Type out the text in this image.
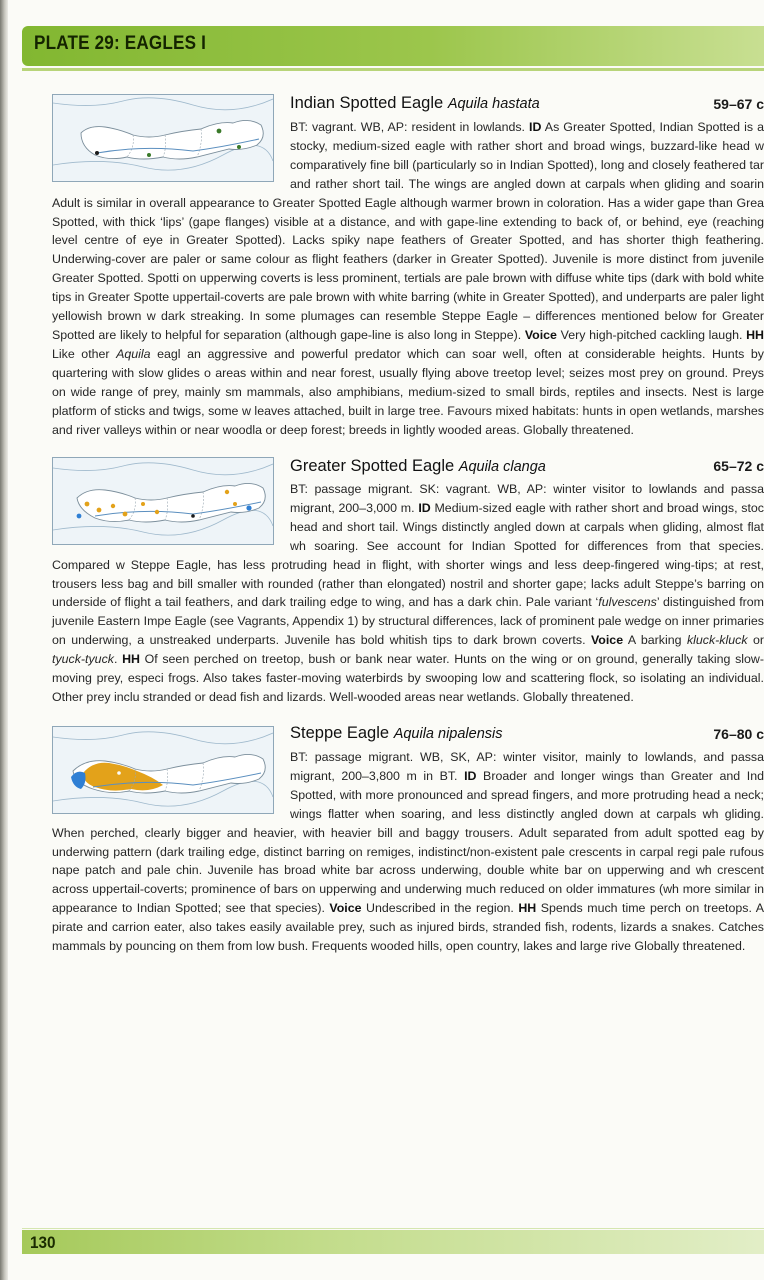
PLATE 29: EAGLES I
Indian Spotted Eagle Aquila hastata	59–67 c
BT: vagrant. WB, AP: resident in lowlands. ID As Greater Spotted, Indian Spotted is a stocky, medium-sized eagle with rather short and broad wings, buzzard-like head w comparatively fine bill (particularly so in Indian Spotted), long and closely feathered tar and rather short tail. The wings are angled down at carpals when gliding and soarin Adult is similar in overall appearance to Greater Spotted Eagle although warmer brown in coloration. Has a wider gape than Grea Spotted, with thick ‘lips’ (gape flanges) visible at a distance, and with gape-line extending to back of, or behind, eye (reaching level centre of eye in Greater Spotted). Lacks spiky nape feathers of Greater Spotted, and has shorter thigh feathering. Underwing-cover are paler or same colour as flight feathers (darker in Greater Spotted). Juvenile is more distinct from juvenile Greater Spotted. Spotti on upperwing coverts is less prominent, tertials are pale brown with diffuse white tips (dark with bold white tips in Greater Spotte uppertail-coverts are pale brown with white barring (white in Greater Spotted), and underparts are paler light yellowish brown w dark streaking. In some plumages can resemble Steppe Eagle – differences mentioned below for Greater Spotted are likely to helpful for separation (although gape-line is also long in Steppe). Voice Very high-pitched cackling laugh. HH Like other Aquila eagl an aggressive and powerful predator which can soar well, often at considerable heights. Hunts by quartering with slow glides o areas within and near forest, usually flying above treetop level; seizes most prey on ground. Preys on wide range of prey, mainly sm mammals, also amphibians, medium-sized to small birds, reptiles and insects. Nest is large platform of sticks and twigs, some w leaves attached, built in large tree. Favours mixed habitats: hunts in open wetlands, marshes and river valleys within or near woodla or deep forest; breeds in lightly wooded areas. Globally threatened.
65–72 c
BT: passage migrant. SK: vagrant. WB, AP: winter visitor to lowlands and passa migrant, 200–3,000 m. ID Medium-sized eagle with rather short and broad wings, stoc head and short tail. Wings distinctly angled down at carpals when gliding, almost flat wh soaring. See account for Indian Spotted for differences from that species. Compared w Steppe Eagle, has less protruding head in flight, with shorter wings and less deep-fingered wing-tips; at rest, trousers less bag and bill smaller with rounded (rather than elongated) nostril and shorter gape; lacks adult Steppe’s barring on underside of flight a tail feathers, and dark trailing edge to wing, and has a dark chin. Pale variant ‘fulvescens’ distinguished from juvenile Eastern Impe Eagle (see Vagrants, Appendix 1) by structural differences, lack of prominent pale wedge on inner primaries on underwing, a unstreaked underparts. Juvenile has bold whitish tips to dark brown coverts. Voice A barking kluck-kluck or tyuck-tyuck. HH Of seen perched on treetop, bush or bank near water. Hunts on the wing or on ground, generally taking slow-moving prey, especi frogs. Also takes faster-moving waterbirds by swooping low and scattering flock, so isolating an individual. Other prey inclu stranded or dead fish and lizards. Well-wooded areas near wetlands. Globally threatened.
76–80 c
BT: passage migrant. WB, SK, AP: winter visitor, mainly to lowlands, and passa migrant, 200–3,800 m in BT. ID Broader and longer wings than Greater and Ind Spotted, with more pronounced and spread fingers, and more protruding head a neck; wings flatter when soaring, and less distinctly angled down at carpals wh gliding. When perched, clearly bigger and heavier, with heavier bill and baggy trousers. Adult separated from adult spotted eag by underwing pattern (dark trailing edge, distinct barring on remiges, indistinct/non-existent pale crescents in carpal regi pale rufous nape patch and pale chin. Juvenile has broad white bar across underwing, double white bar on upperwing and wh crescent across uppertail-coverts; prominence of bars on upperwing and underwing much reduced on older immatures (wh more similar in appearance to Indian Spotted; see that species). Voice Undescribed in the region. HH Spends much time perch on treetops. A pirate and carrion eater, also takes easily available prey, such as injured birds, stranded fish, rodents, lizards a snakes. Catches mammals by pouncing on them from low bush. Frequents wooded hills, open country, lakes and large rive Globally threatened.
Greater Spotted Eagle Aquila clanga
Steppe Eagle Aquila nipalensis
130
